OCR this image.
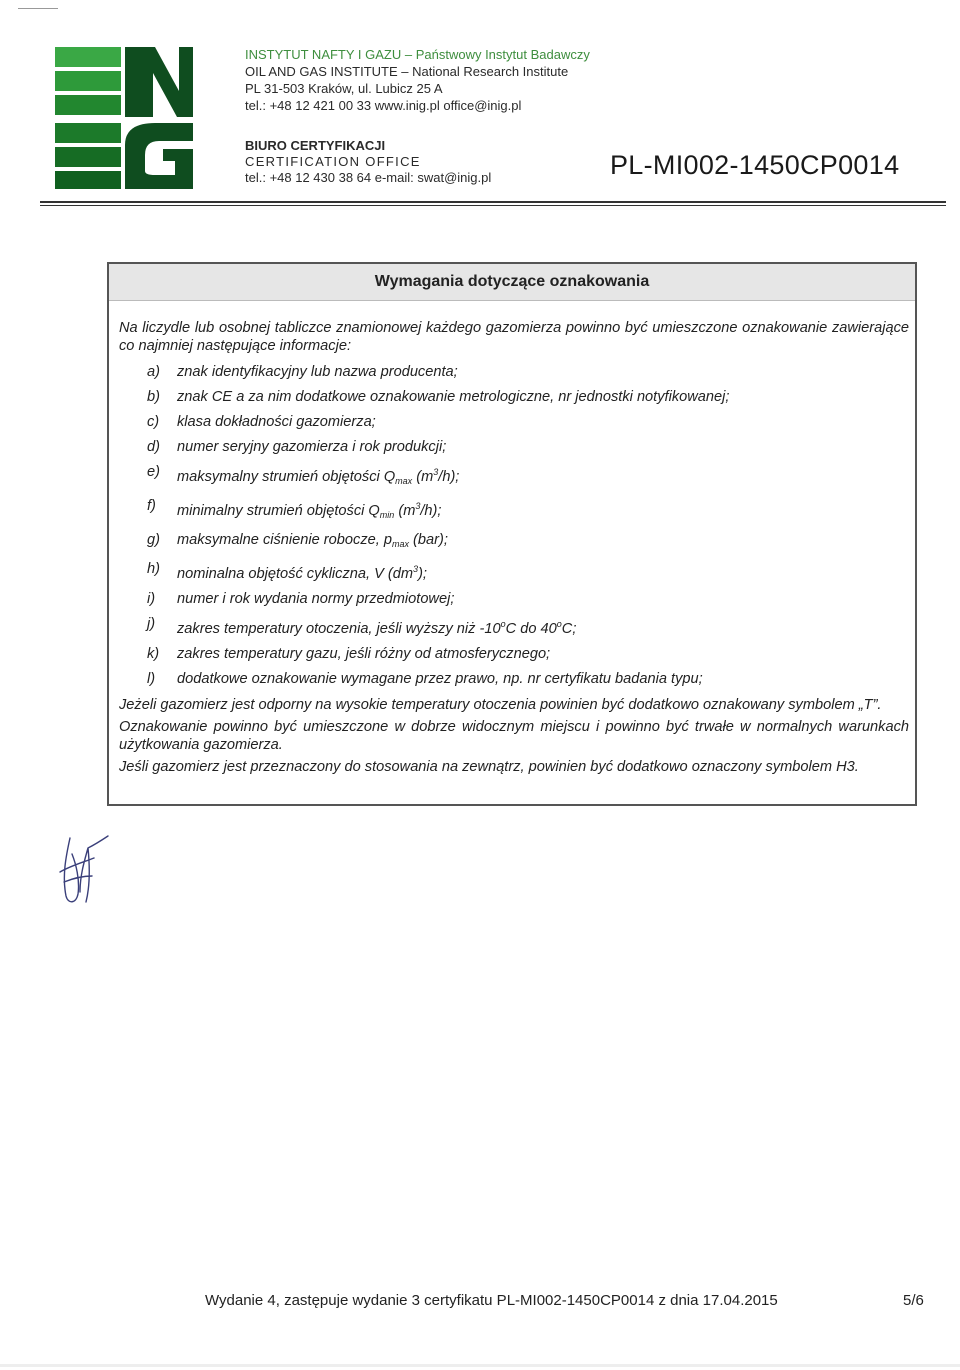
INSTYTUT NAFTY I GAZU – Państwowy Instytut Badawczy
OIL AND GAS INSTITUTE – National Research Institute
PL 31-503 Kraków, ul. Lubicz 25 A
tel.: +48 12 421 00 33 www.inig.pl office@inig.pl
BIURO CERTYFIKACJI
CERTIFICATION OFFICE
tel.: +48 12 430 38 64 e-mail: swat@inig.pl	PL-MI002-1450CP0014
Wymagania dotyczące oznakowania

Na liczydle lub osobnej tabliczce znamionowej każdego gazomierza powinno być umieszczone oznakowanie zawierające co najmniej następujące informacje:

a) znak identyfikacyjny lub nazwa producenta;
b) znak CE a za nim dodatkowe oznakowanie metrologiczne, nr jednostki notyfikowanej;
c) klasa dokładności gazomierza;
d) numer seryjny gazomierza i rok produkcji;
e) maksymalny strumień objętości $Q_{max}$ $(m^3/h)$;
f) minimalny strumień objętości $Q_{min}$ $(m^3/h)$;
g) maksymalne ciśnienie robocze, $p_{max}$ (bar);
h) nominalna objętość cykliczna, V $(dm^3)$;
i) numer i rok wydania normy przedmiotowej;
j) zakres temperatury otoczenia, jeśli wyższy niż -10$^o$C do 40$^o$C;
k) zakres temperatury gazu, jeśli różny od atmosferycznego;
l) dodatkowe oznakowanie wymagane przez prawo, np. nr certyfikatu badania typu;

Jeżeli gazomierz jest odporny na wysokie temperatury otoczenia powinien być dodatkowo oznakowany symbolem „T”.

Oznakowanie powinno być umieszczone w dobrze widocznym miejscu i powinno być trwałe w normalnych warunkach użytkowania gazomierza.

Jeśli gazomierz jest przeznaczony do stosowania na zewnątrz, powinien być dodatkowo oznaczony symbolem H3.

Wydanie 4, zastępuje wydanie 3 certyfikatu PL-MI002-1450CP0014 z dnia 17.04.2015	5/6
